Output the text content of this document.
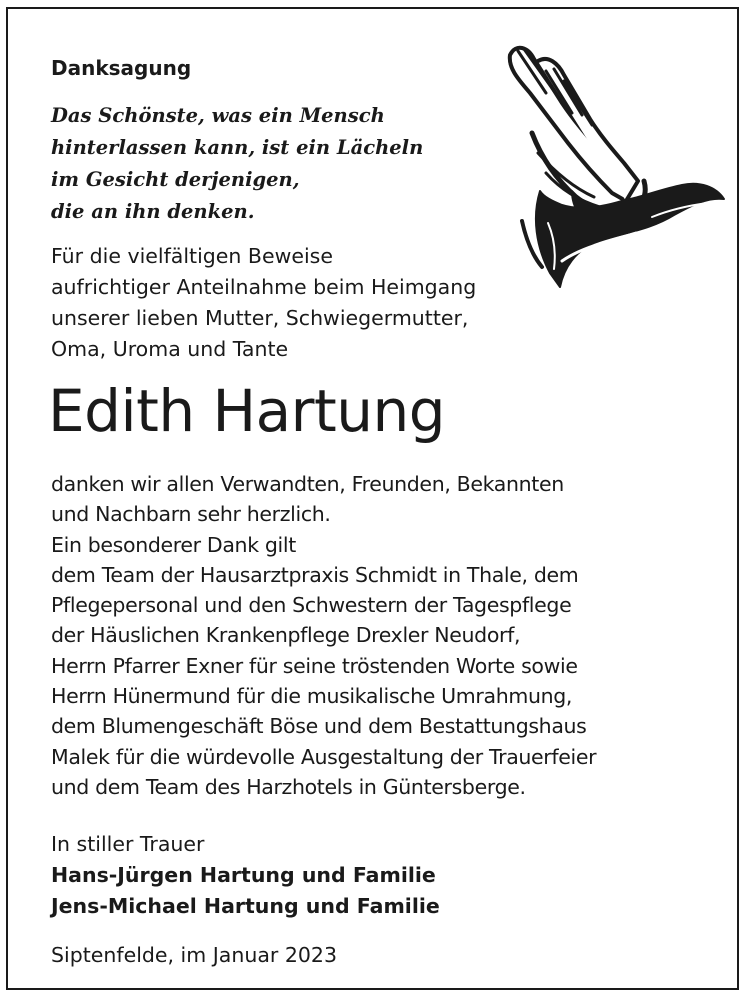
Danksagung
Das Schönste, was ein Mensch
hinterlassen kann, ist ein Lächeln
im Gesicht derjenigen,
die an ihn denken.
Für die vielfältigen Beweise
aufrichtiger Anteilnahme beim Heimgang
unserer lieben Mutter, Schwiegermutter,
Oma, Uroma und Tante
Edith Hartung
danken wir allen Verwandten, Freunden, Bekannten
und Nachbarn sehr herzlich.
Ein besonderer Dank gilt
dem Team der Hausarztpraxis Schmidt in Thale, dem
Pflegepersonal und den Schwestern der Tagespflege
der Häuslichen Krankenpflege Drexler Neudorf,
Herrn Pfarrer Exner für seine tröstenden Worte sowie
Herrn Hünermund für die musikalische Umrahmung,
dem Blumengeschäft Böse und dem Bestattungshaus
Malek für die würdevolle Ausgestaltung der Trauerfeier
und dem Team des Harzhotels in Güntersberge.

In stiller Trauer

Hans-Jürgen Hartung und Familie

Jens-Michael Hartung und Familie

Siptenfelde, im Januar 2023
